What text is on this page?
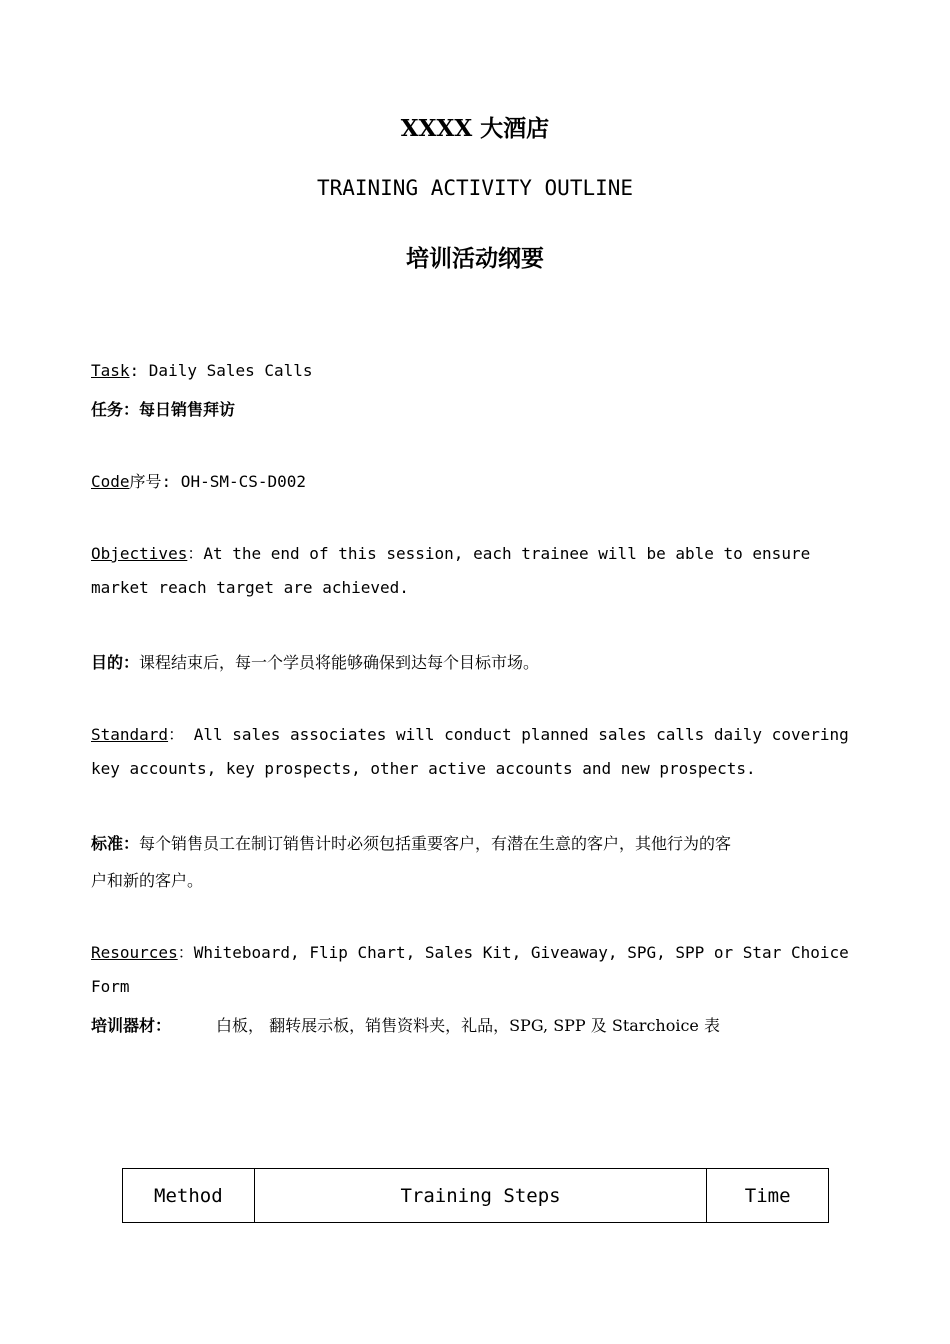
XXXX 大酒店
TRAINING ACTIVITY OUTLINE
培训活动纲要
Task: Daily Sales Calls
任务：每日销售拜访
Code序号: OH-SM-CS-D002
Objectives：At the end of this session, each trainee will be able to ensure
market reach target are achieved.
目的：课程结束后，每一个学员将能够确保到达每个目标市场。
Standard： All sales associates will conduct planned sales calls daily covering
key accounts, key prospects, other active accounts and new prospects.
标准：每个销售员工在制订销售计时必须包括重要客户，有潜在生意的客户，其他行为的客
户和新的客户。
Resources：Whiteboard, Flip Chart, Sales Kit, Giveaway, SPG, SPP or Star Choice
Form
培训器材：	白板， 翻转展示板，销售资料夹，礼品，SPG, SPP 及 Starchoice 表
Method	Training Steps	Time
